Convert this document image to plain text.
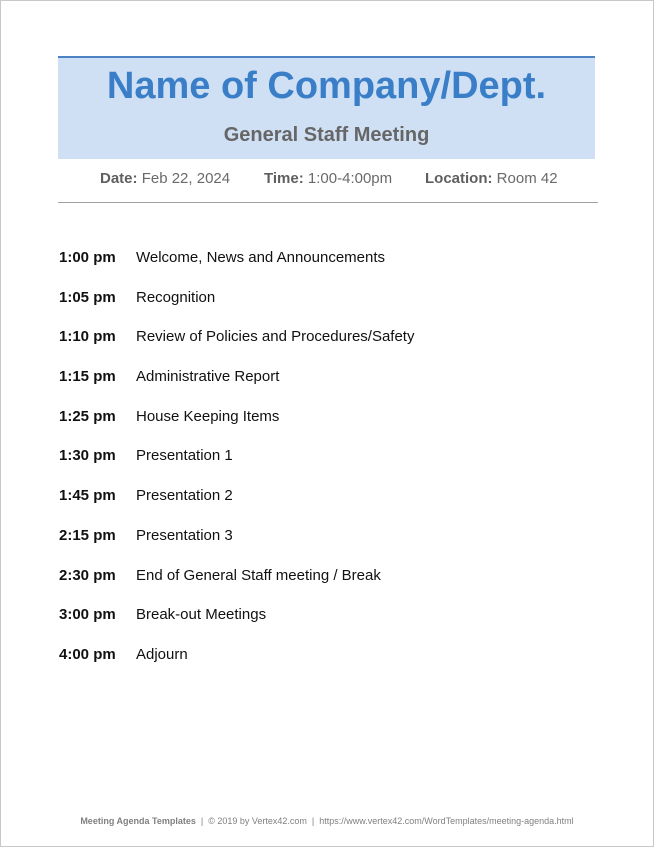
Name of Company/Dept.
General Staff Meeting
Date: Feb 22, 2024 Time: 1:00-4:00pm Location: Room 42
1:00 pm Welcome, News and Announcements
1:05 pm Recognition
1:10 pm Review of Policies and Procedures/Safety
1:15 pm Administrative Report
1:25 pm House Keeping Items
1:30 pm Presentation 1
1:45 pm Presentation 2
2:15 pm Presentation 3
2:30 pm End of General Staff meeting / Break
3:00 pm Break-out Meetings
4:00 pm Adjourn
Meeting Agenda Templates | © 2019 by Vertex42.com | https://www.vertex42.com/WordTemplates/meeting-agenda.html
